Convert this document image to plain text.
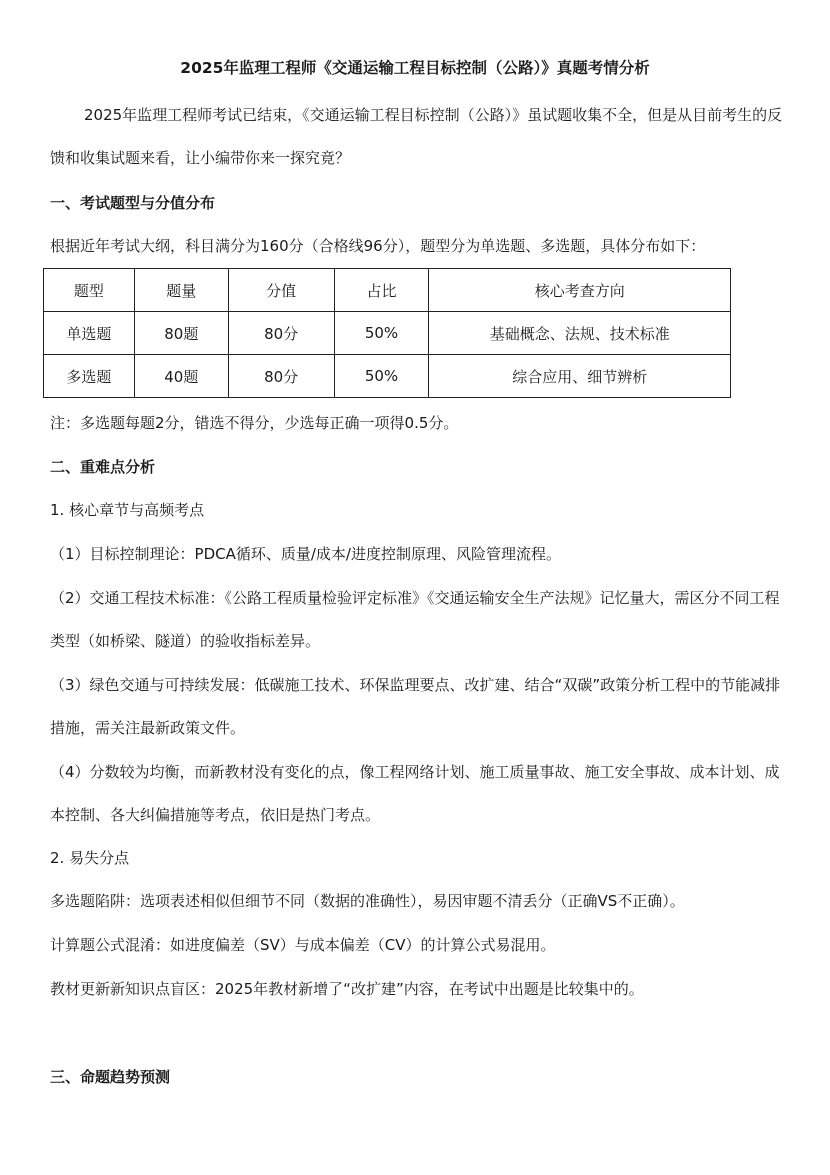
2025年监理工程师《交通运输工程目标控制（公路）》真题考情分析
2025年监理工程师考试已结束，《交通运输工程目标控制（公路）》虽试题收集不全，但是从目前考生的反馈和收集试题来看，让小编带你来一探究竟？
一、考试题型与分值分布
根据近年考试大纲，科目满分为160分（合格线96分），题型分为单选题、多选题，具体分布如下：
题型	题量	分值	占比	核心考查方向
单选题	80题	80分	50%	基础概念、法规、技术标准
多选题	40题	80分	50%	综合应用、细节辨析
注：多选题每题2分，错选不得分，少选每正确一项得0.5分。
二、重难点分析
1. 核心章节与高频考点
（1）目标控制理论：PDCA循环、质量/成本/进度控制原理、风险管理流程。
（2）交通工程技术标准：《公路工程质量检验评定标准》《交通运输安全生产法规》记忆量大，需区分不同工程类型（如桥梁、隧道）的验收指标差异。
（3）绿色交通与可持续发展：低碳施工技术、环保监理要点、改扩建、结合“双碳”政策分析工程中的节能减排措施，需关注最新政策文件。
（4）分数较为均衡，而新教材没有变化的点，像工程网络计划、施工质量事故、施工安全事故、成本计划、成本控制、各大纠偏措施等考点，依旧是热门考点。
2. 易失分点
多选题陷阱：选项表述相似但细节不同（数据的准确性），易因审题不清丢分（正确VS不正确）。
计算题公式混淆：如进度偏差（SV）与成本偏差（CV）的计算公式易混用。
教材更新新知识点盲区：2025年教材新增了“改扩建”内容，在考试中出题是比较集中的。
三、命题趋势预测
